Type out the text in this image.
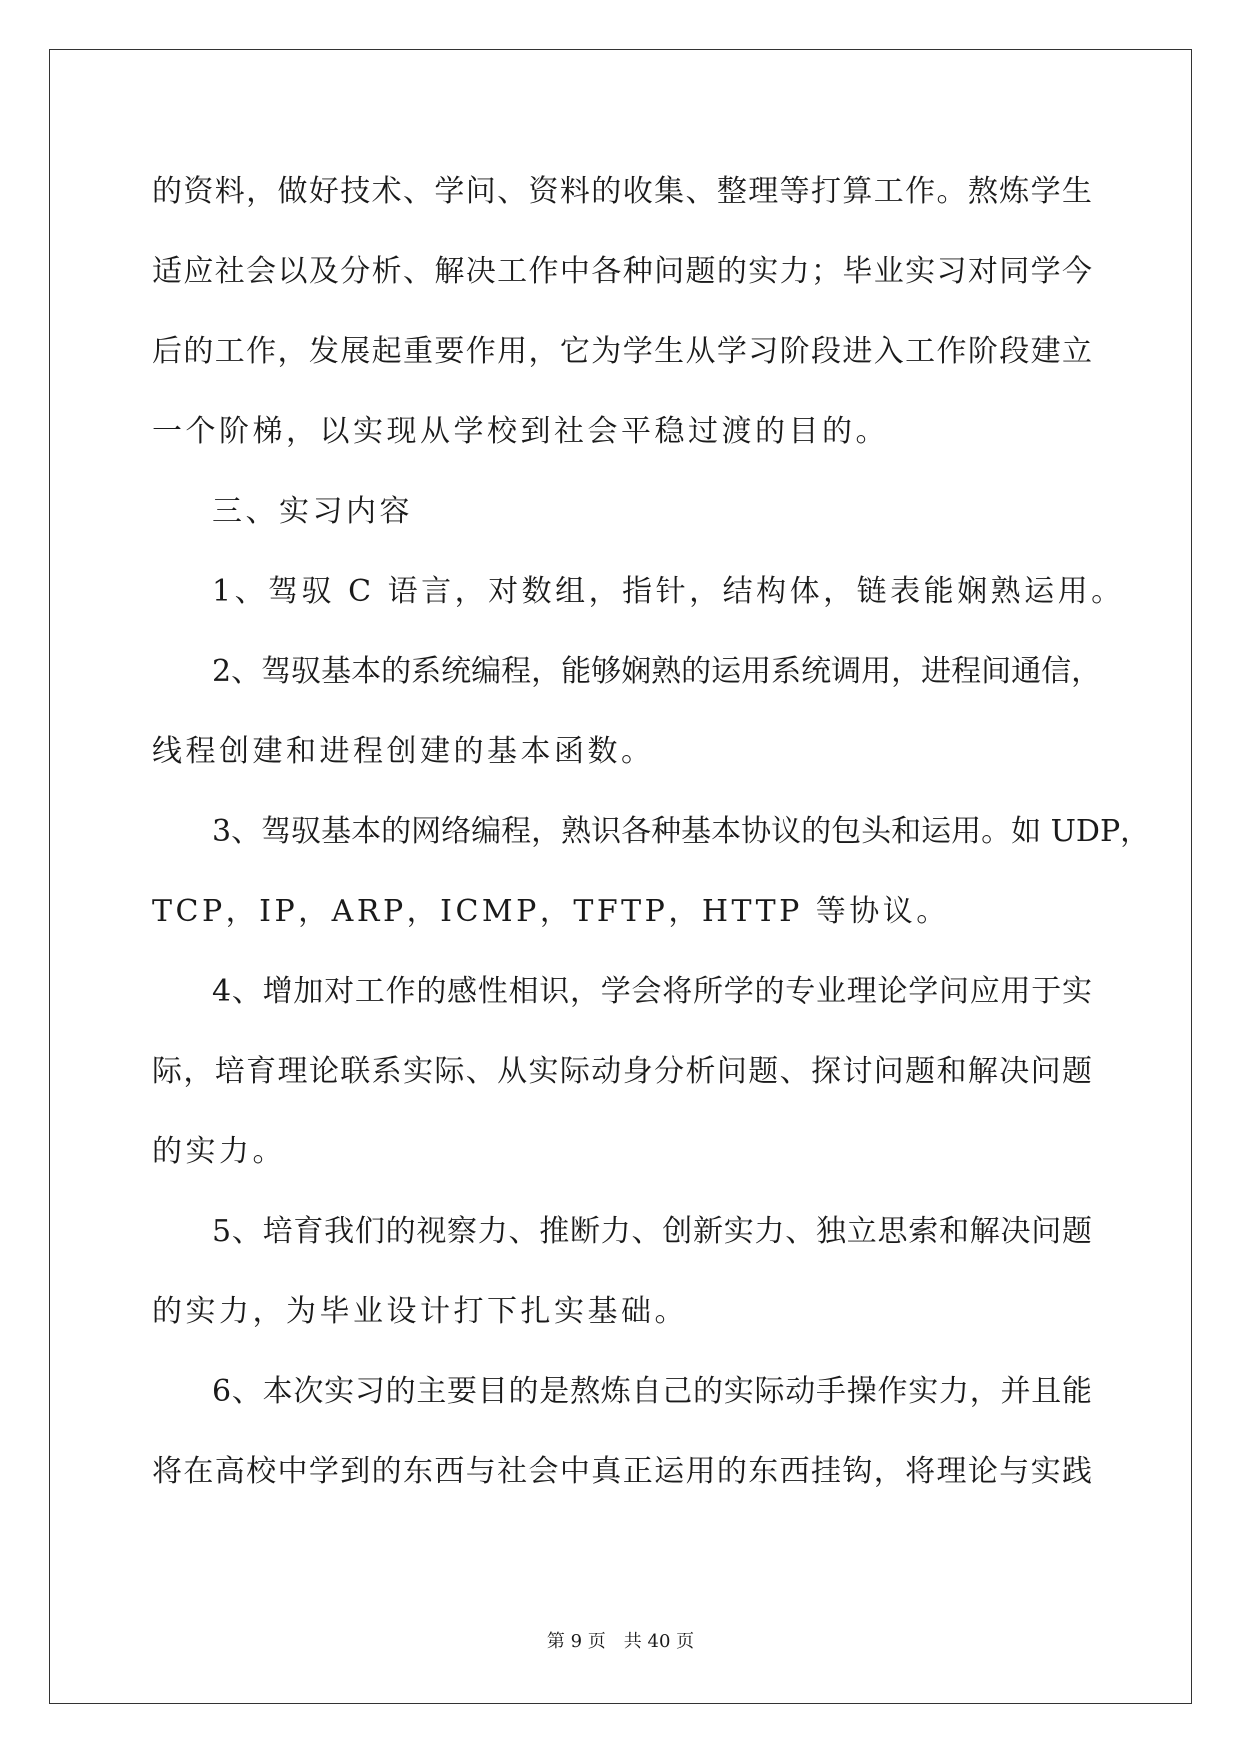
的资料，做好技术、学问、资料的收集、整理等打算工作。熬炼学生
适应社会以及分析、解决工作中各种问题的实力；毕业实习对同学今
后的工作，发展起重要作用，它为学生从学习阶段进入工作阶段建立
一个阶梯，以实现从学校到社会平稳过渡的目的。
三、实习内容
1、驾驭 C 语言，对数组，指针，结构体，链表能娴熟运用。
2、驾驭基本的系统编程，能够娴熟的运用系统调用，进程间通信，
线程创建和进程创建的基本函数。
3、驾驭基本的网络编程，熟识各种基本协议的包头和运用。如 UDP，
TCP，IP，ARP，ICMP，TFTP，HTTP 等协议。
4、增加对工作的感性相识，学会将所学的专业理论学问应用于实
际，培育理论联系实际、从实际动身分析问题、探讨问题和解决问题
的实力。
5、培育我们的视察力、推断力、创新实力、独立思索和解决问题
的实力，为毕业设计打下扎实基础。
6、本次实习的主要目的是熬炼自己的实际动手操作实力，并且能
将在高校中学到的东西与社会中真正运用的东西挂钩，将理论与实践
第 9 页　共 40 页
